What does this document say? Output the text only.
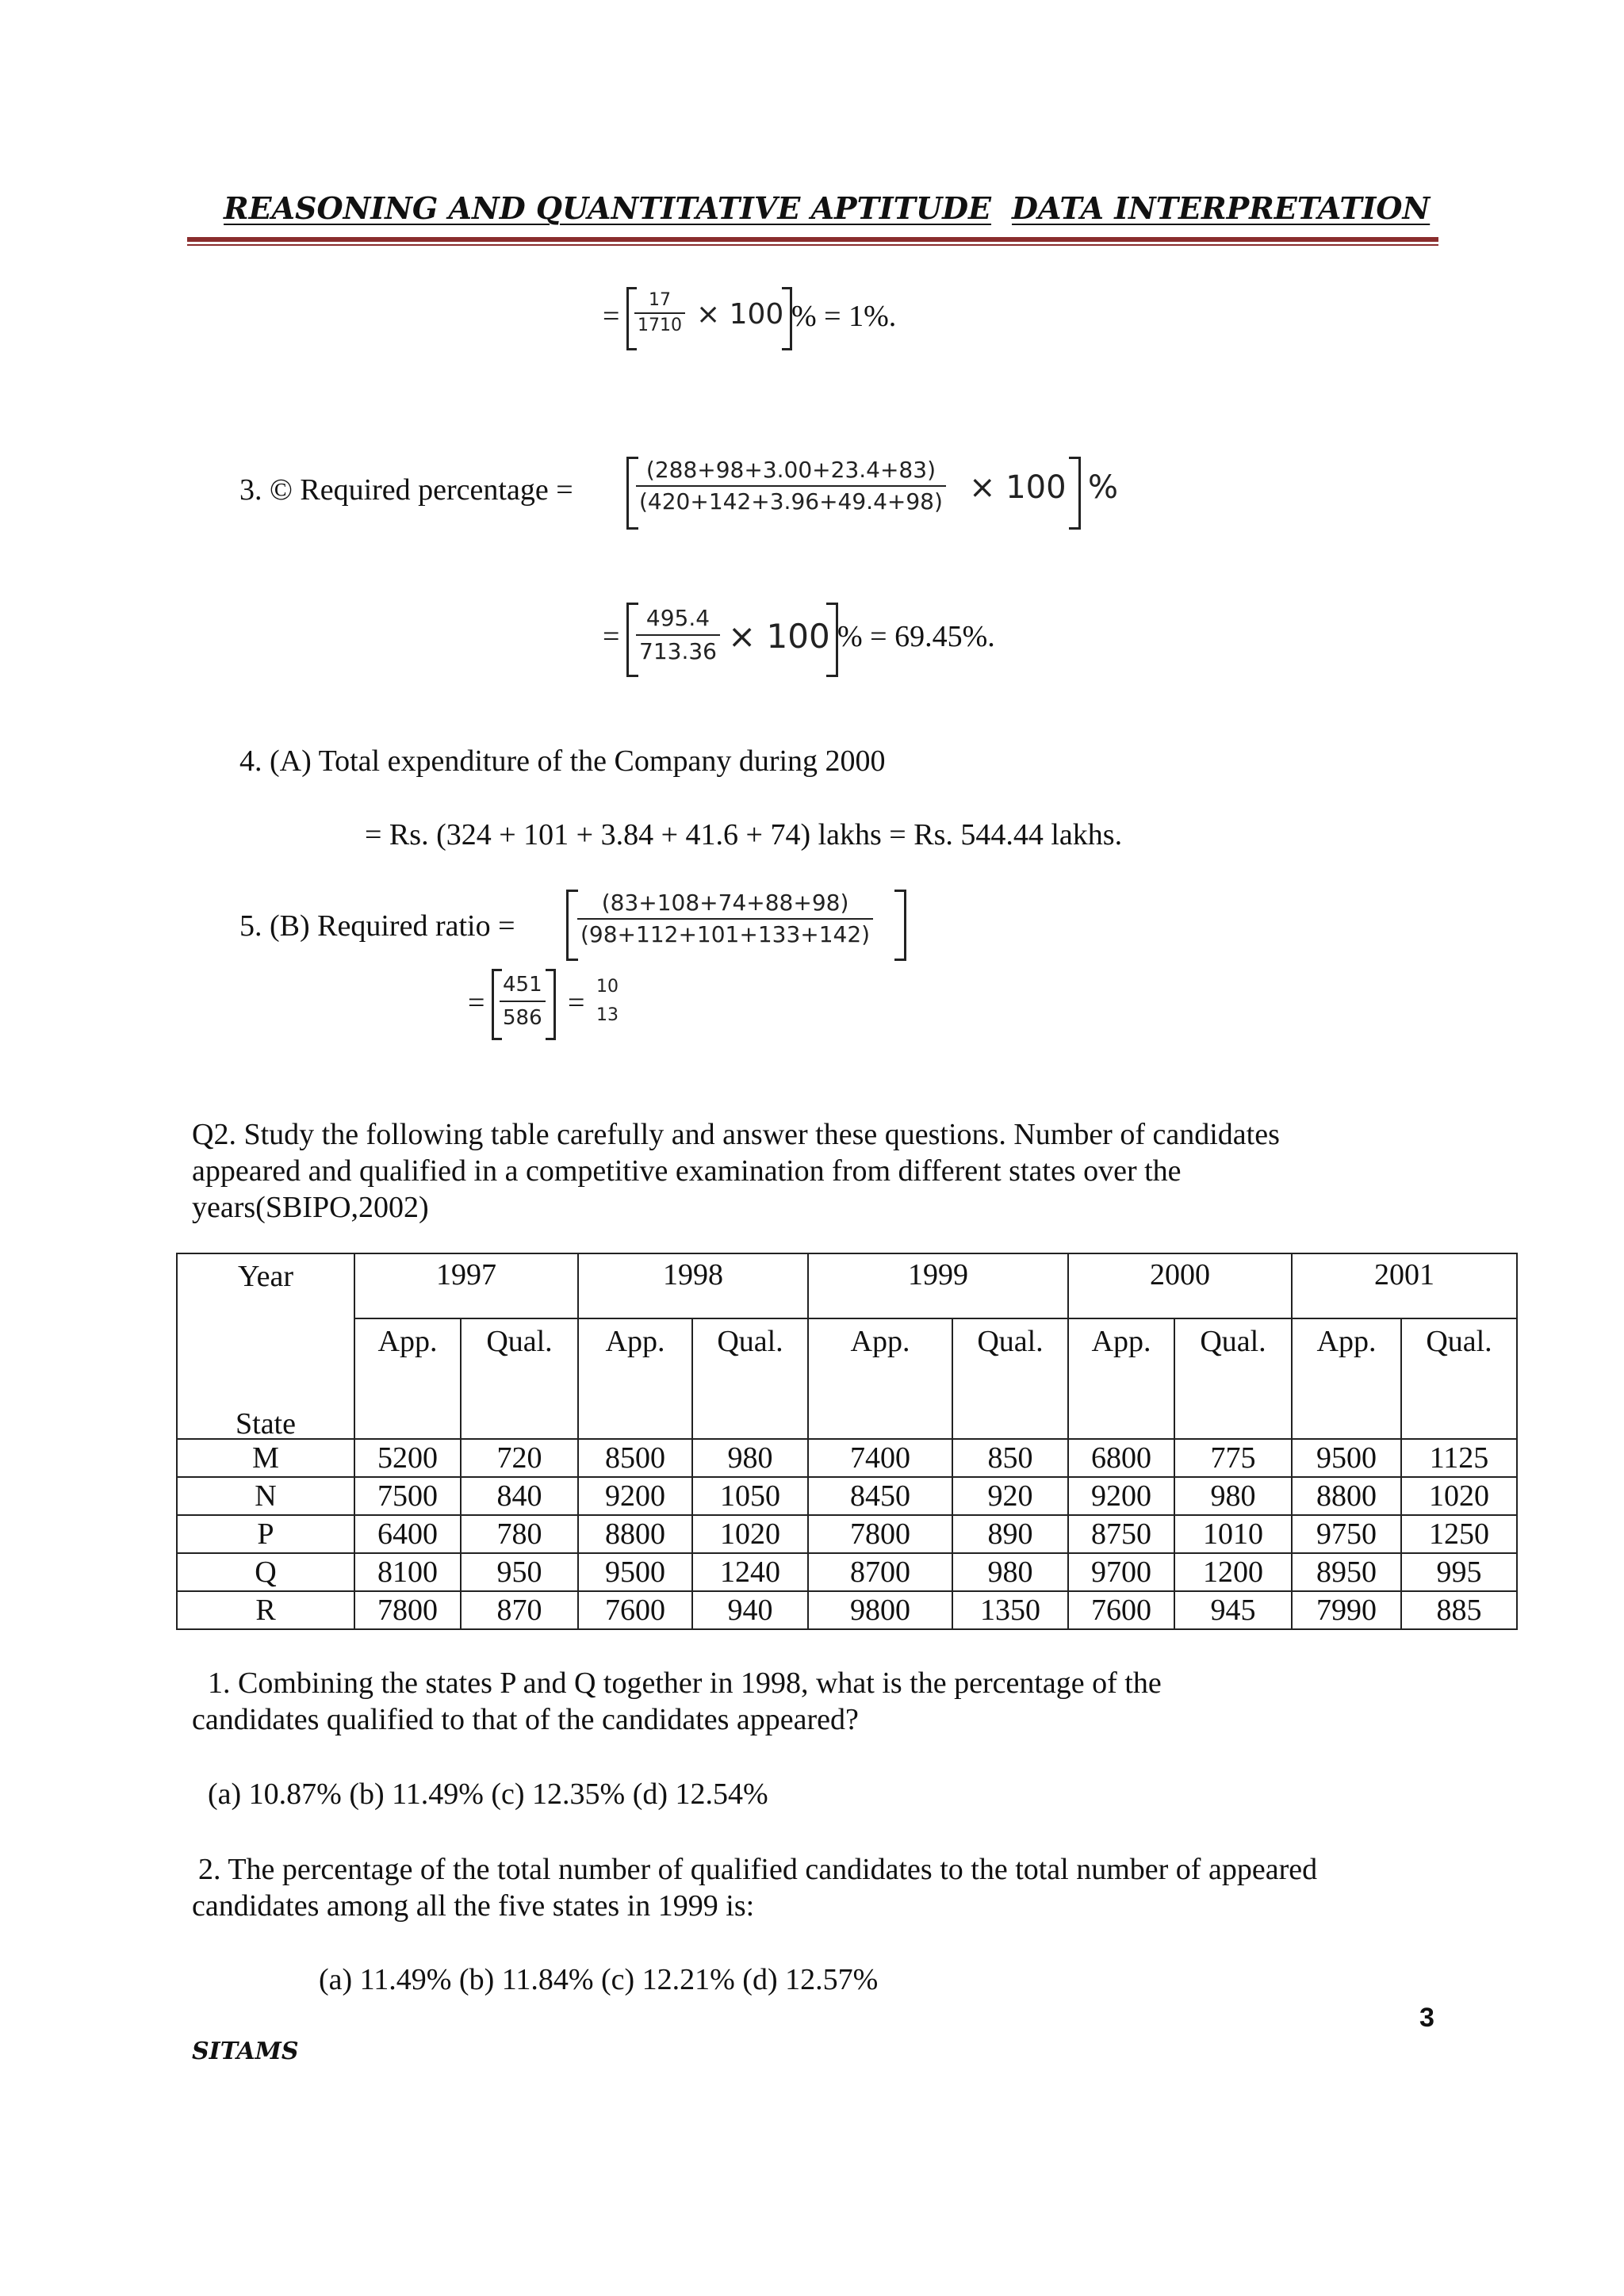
REASONING AND QUANTITATIVE APTITUDE DATA INTERPRETATION
=	17
1710 × 100 % = 1%.
3. © Required percentage =
(288+98+3.00+23.4+83)
(420+142+3.96+49.4+98) × 100 %
=
495.4
713.36 × 100 % = 69.45%.
4. (A) Total expenditure of the Company during 2000
= Rs. (324 + 101 + 3.84 + 41.6 + 74) lakhs = Rs. 544.44 lakhs.
5. (B) Required ratio =
(83+108+74+88+98)
(98+112+101+133+142)
=
451
586 = 10
13
Q2. Study the following table carefully and answer these questions. Number of candidates
appeared and qualified in a competitive examination from different states over the
years(SBIPO,2002)
Year
State	1997		1998		1999		2000		2001	
	App.	Qual.	App.	Qual.	App.	Qual.	App.	Qual.	App.	Qual.
M	5200	720	8500	980	7400	850	6800	775	9500	1125
N	7500	840	9200	1050	8450	920	9200	980	8800	1020
P	6400	780	8800	1020	7800	890	8750	1010	9750	1250
Q	8100	950	9500	1240	8700	980	9700	1200	8950	995
R	7800	870	7600	940	9800	1350	7600	945	7990	885
1. Combining the states P and Q together in 1998, what is the percentage of the
candidates qualified to that of the candidates appeared?
(a) 10.87% (b) 11.49% (c) 12.35% (d) 12.54%
2. The percentage of the total number of qualified candidates to the total number of appeared
candidates among all the five states in 1999 is:
(a) 11.49% (b) 11.84% (c) 12.21% (d) 12.57%
3
SITAMS
